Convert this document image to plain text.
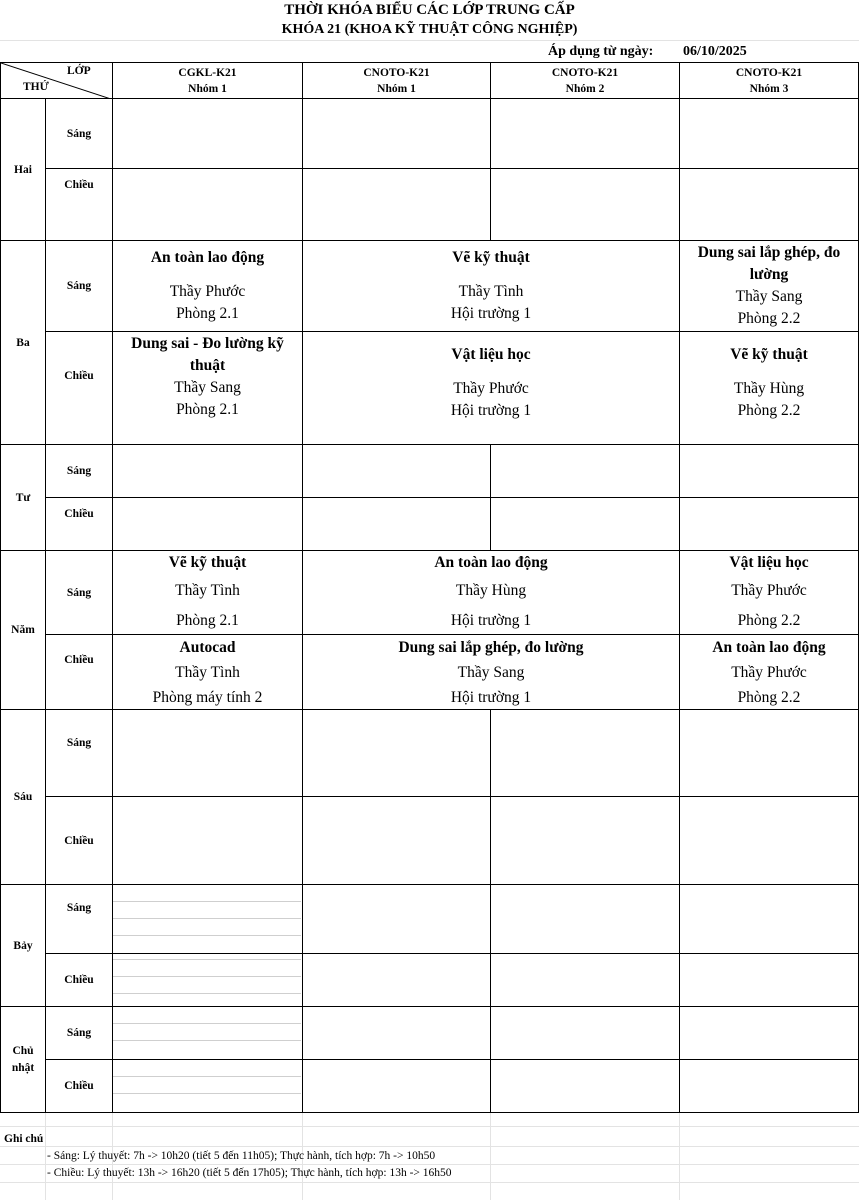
THỜI KHÓA BIỂU CÁC LỚP TRUNG CẤP
KHÓA 21 (KHOA KỸ THUẬT CÔNG NGHIỆP)
Áp dụng từ ngày: 06/10/2025
LỚP
THỨ
CGKL-K21
Nhóm 1
CNOTO-K21
Nhóm 1
CNOTO-K21
Nhóm 2
CNOTO-K21
Nhóm 3
Hai
Ba
Tư
Năm
Sáu
Bảy
Chủ nhật
Sáng
Chiều
Sáng
Chiều
Sáng
Chiều
Sáng
Chiều
Sáng
Chiều
Sáng
Chiều
Sáng
Chiều
An toàn lao động
Thầy Phước
Phòng 2.1
Vẽ kỹ thuật
Thầy Tình
Hội trường 1
Dung sai lắp ghép, đo lường
Thầy Sang
Phòng 2.2
Dung sai - Đo lường kỹ thuật
Thầy Sang
Phòng 2.1
Vật liệu học
Thầy Phước
Hội trường 1
Vẽ kỹ thuật
Thầy Hùng
Phòng 2.2
Vẽ kỹ thuật
Thầy Tình
Phòng 2.1
An toàn lao động
Thầy Hùng
Hội trường 1
Vật liệu học
Thầy Phước
Phòng 2.2
Autocad
Thầy Tình
Phòng máy tính 2
Dung sai lắp ghép, đo lường
Thầy Sang
Hội trường 1
An toàn lao động
Thầy Phước
Phòng 2.2
Ghi chú
- Sáng: Lý thuyết: 7h -> 10h20 (tiết 5 đến 11h05); Thực hành, tích hợp: 7h -> 10h50
- Chiều: Lý thuyết: 13h -> 16h20 (tiết 5 đến 17h05); Thực hành, tích hợp: 13h -> 16h50
